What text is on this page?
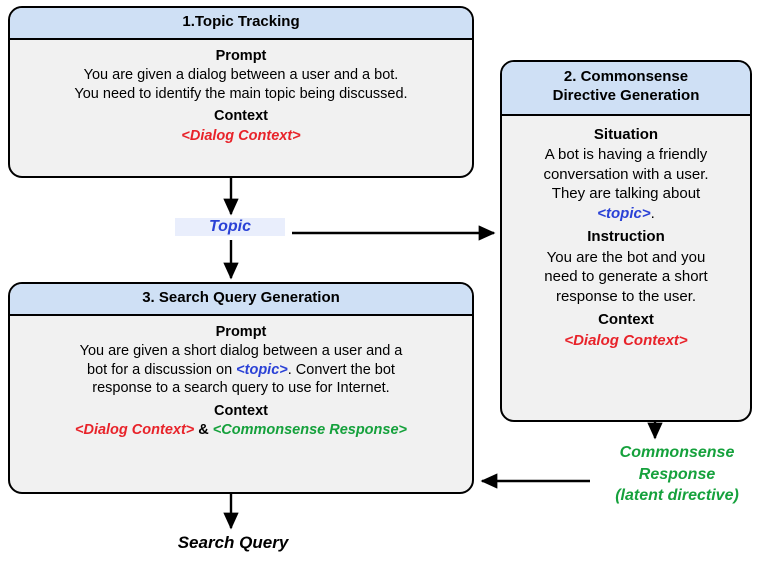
1.Topic Tracking
Prompt
You are given a dialog between a user and a bot.
You need to identify the main topic being discussed.
Context
<Dialog Context>
2. Commonsense
Directive Generation
Situation
A bot is having a friendly
conversation with a user.
They are talking about
<topic>.
Instruction
You are the bot and you
need to generate a short
response to the user.
Context
<Dialog Context>
3. Search Query Generation
Prompt
You are given a short dialog between a user and a
bot for a discussion on <topic>. Convert the bot
response to a search query to use for Internet.
Context
<Dialog Context> & <Commonsense Response>
Topic
Commonsense
Response
(latent directive)
Search Query
